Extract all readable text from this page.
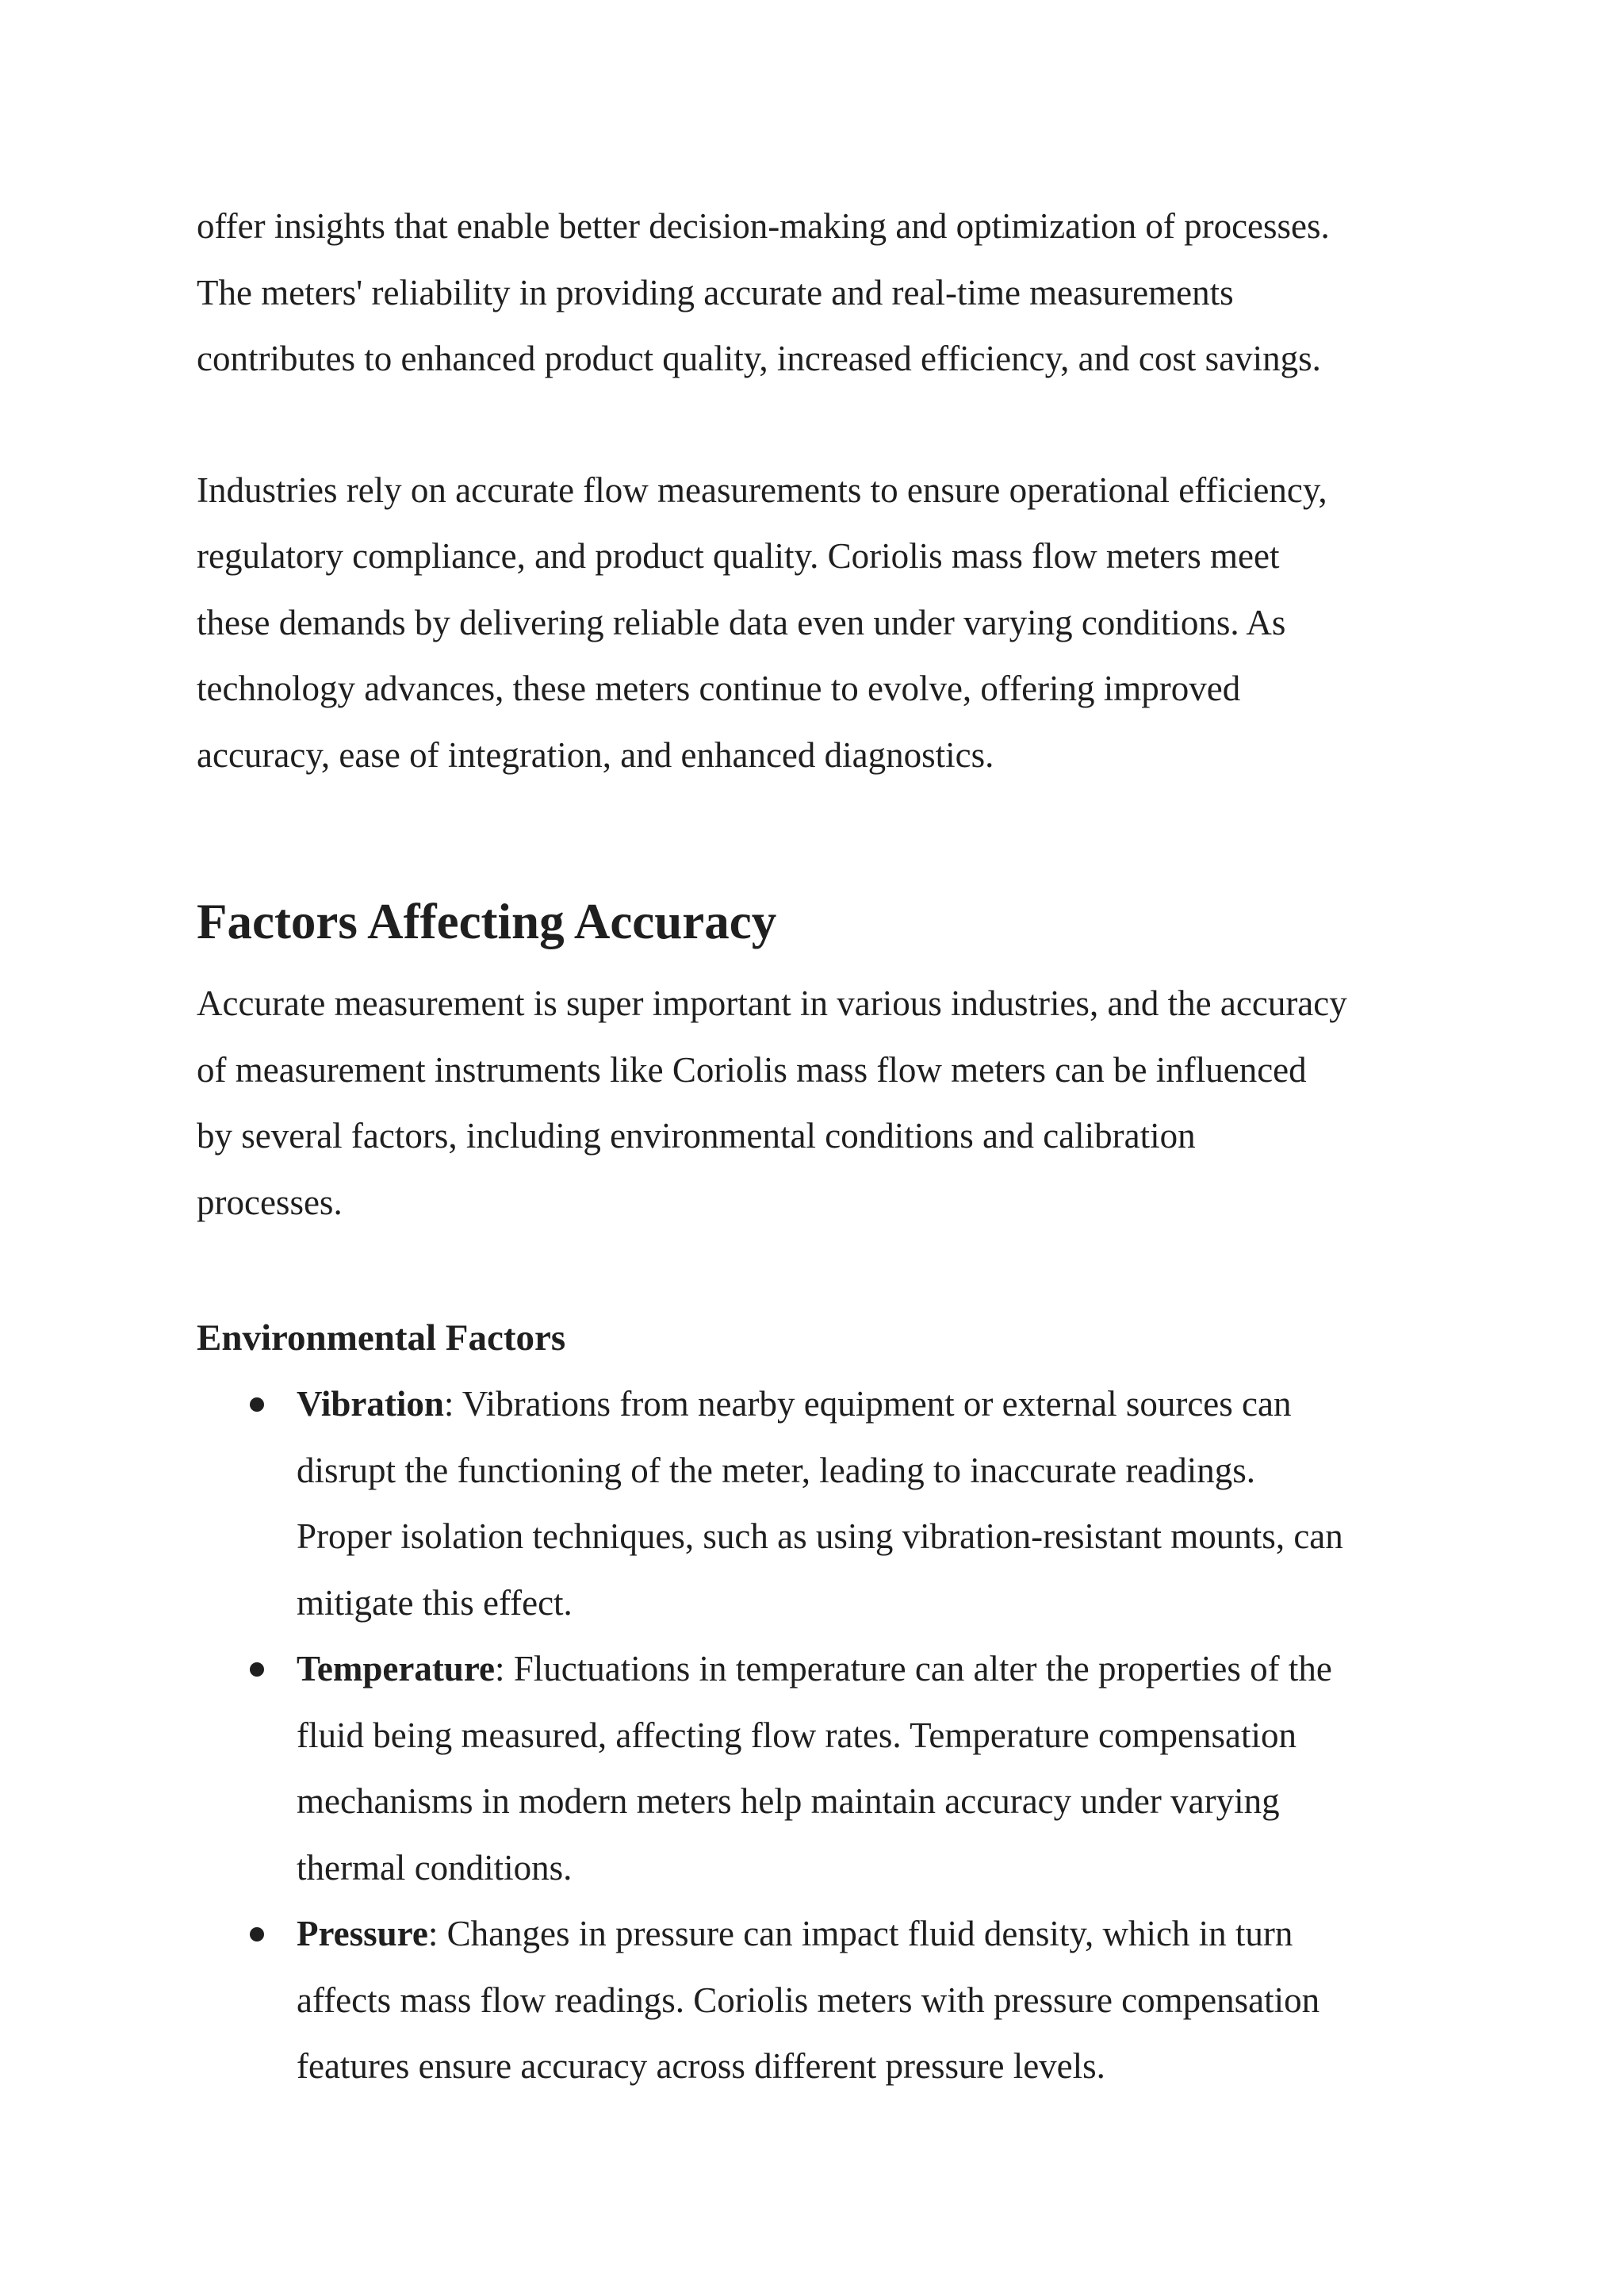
offer insights that enable better decision-making and optimization of processes.
The meters' reliability in providing accurate and real-time measurements
contributes to enhanced product quality, increased efficiency, and cost savings.
Industries rely on accurate flow measurements to ensure operational efficiency,
regulatory compliance, and product quality. Coriolis mass flow meters meet
these demands by delivering reliable data even under varying conditions. As
technology advances, these meters continue to evolve, offering improved
accuracy, ease of integration, and enhanced diagnostics.
Factors Affecting Accuracy
Accurate measurement is super important in various industries, and the accuracy
of measurement instruments like Coriolis mass flow meters can be influenced
by several factors, including environmental conditions and calibration
processes.
Environmental Factors
Vibration: Vibrations from nearby equipment or external sources can
disrupt the functioning of the meter, leading to inaccurate readings.
Proper isolation techniques, such as using vibration-resistant mounts, can
mitigate this effect.
Temperature: Fluctuations in temperature can alter the properties of the
fluid being measured, affecting flow rates. Temperature compensation
mechanisms in modern meters help maintain accuracy under varying
thermal conditions.
Pressure: Changes in pressure can impact fluid density, which in turn
affects mass flow readings. Coriolis meters with pressure compensation
features ensure accuracy across different pressure levels.
